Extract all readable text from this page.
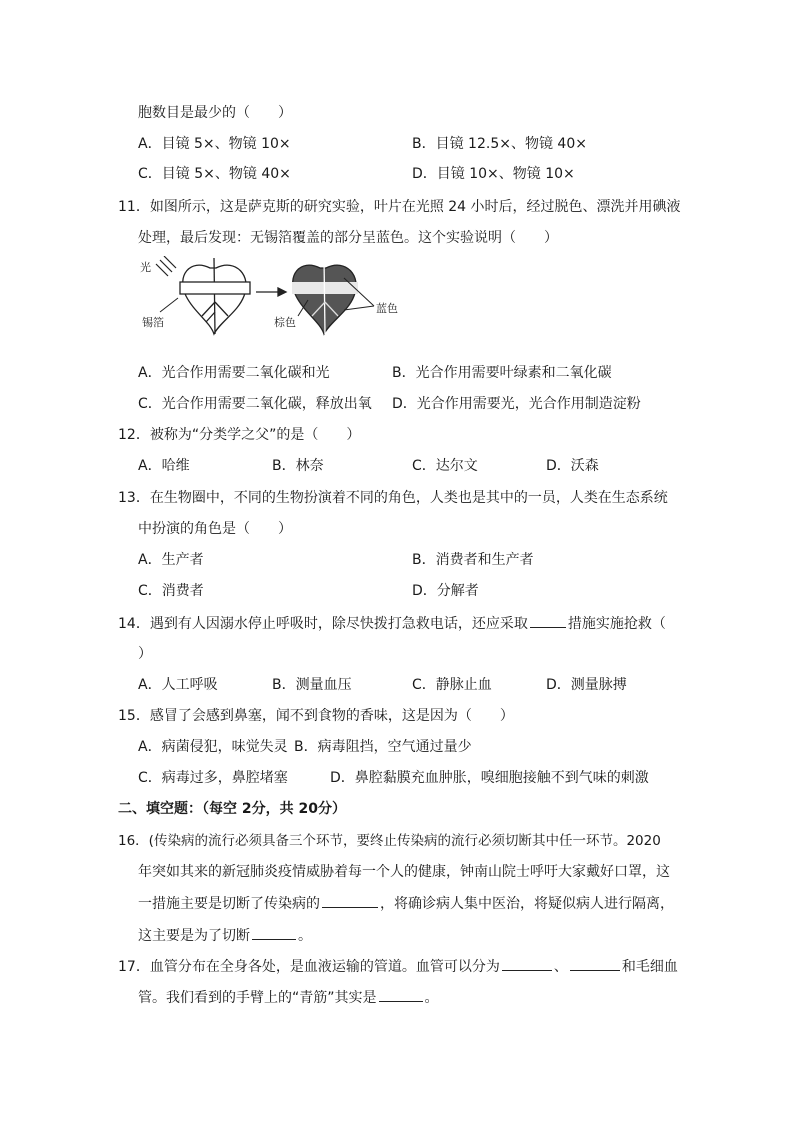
胞数目是最少的（　　）
A．目镜 5×、物镜 10×	B．目镜 12.5×、物镜 40×
C．目镜 5×、物镜 40×	D．目镜 10×、物镜 10×
11．如图所示，这是萨克斯的研究实验，叶片在光照 24 小时后，经过脱色、漂洗并用碘液
处理，最后发现：无锡箔覆盖的部分呈蓝色。这个实验说明（　　）
光
锡箔	棕色
蓝色
A．光合作用需要二氧化碳和光	B．光合作用需要叶绿素和二氧化碳
C．光合作用需要二氧化碳，释放出氧 D．光合作用需要光，光合作用制造淀粉
12．被称为“分类学之父”的是（　　）
A．哈维	B．林奈	C．达尔文	D．沃森
13．在生物圈中，不同的生物扮演着不同的角色，人类也是其中的一员，人类在生态系统
中扮演的角色是（　　）
A．生产者	B．消费者和生产者
C．消费者	D．分解者
14．遇到有人因溺水停止呼吸时，除尽快拨打急救电话，还应采取	措施实施抢救（
）
A．人工呼吸	B．测量血压	C．静脉止血	D．测量脉搏
15．感冒了会感到鼻塞，闻不到食物的香味，这是因为（　　）
A．病菌侵犯，味觉失灵 B．病毒阻挡，空气通过量少
C．病毒过多，鼻腔堵塞	D．鼻腔黏膜充血肿胀，嗅细胞接触不到气味的刺激
二、填空题：（每空 2分，共 20分）
16．(传染病的流行必须具备三个环节，要终止传染病的流行必须切断其中任一环节。2020
年突如其来的新冠肺炎疫情威胁着每一个人的健康，钟南山院士呼吁大家戴好口罩，这
一措施主要是切断了传染病的	，将确诊病人集中医治，将疑似病人进行隔离，
这主要是为了切断	。
17．血管分布在全身各处，是血液运输的管道。血管可以分为	、	和毛细血
管。我们看到的手臂上的“青筋”其实是	。
